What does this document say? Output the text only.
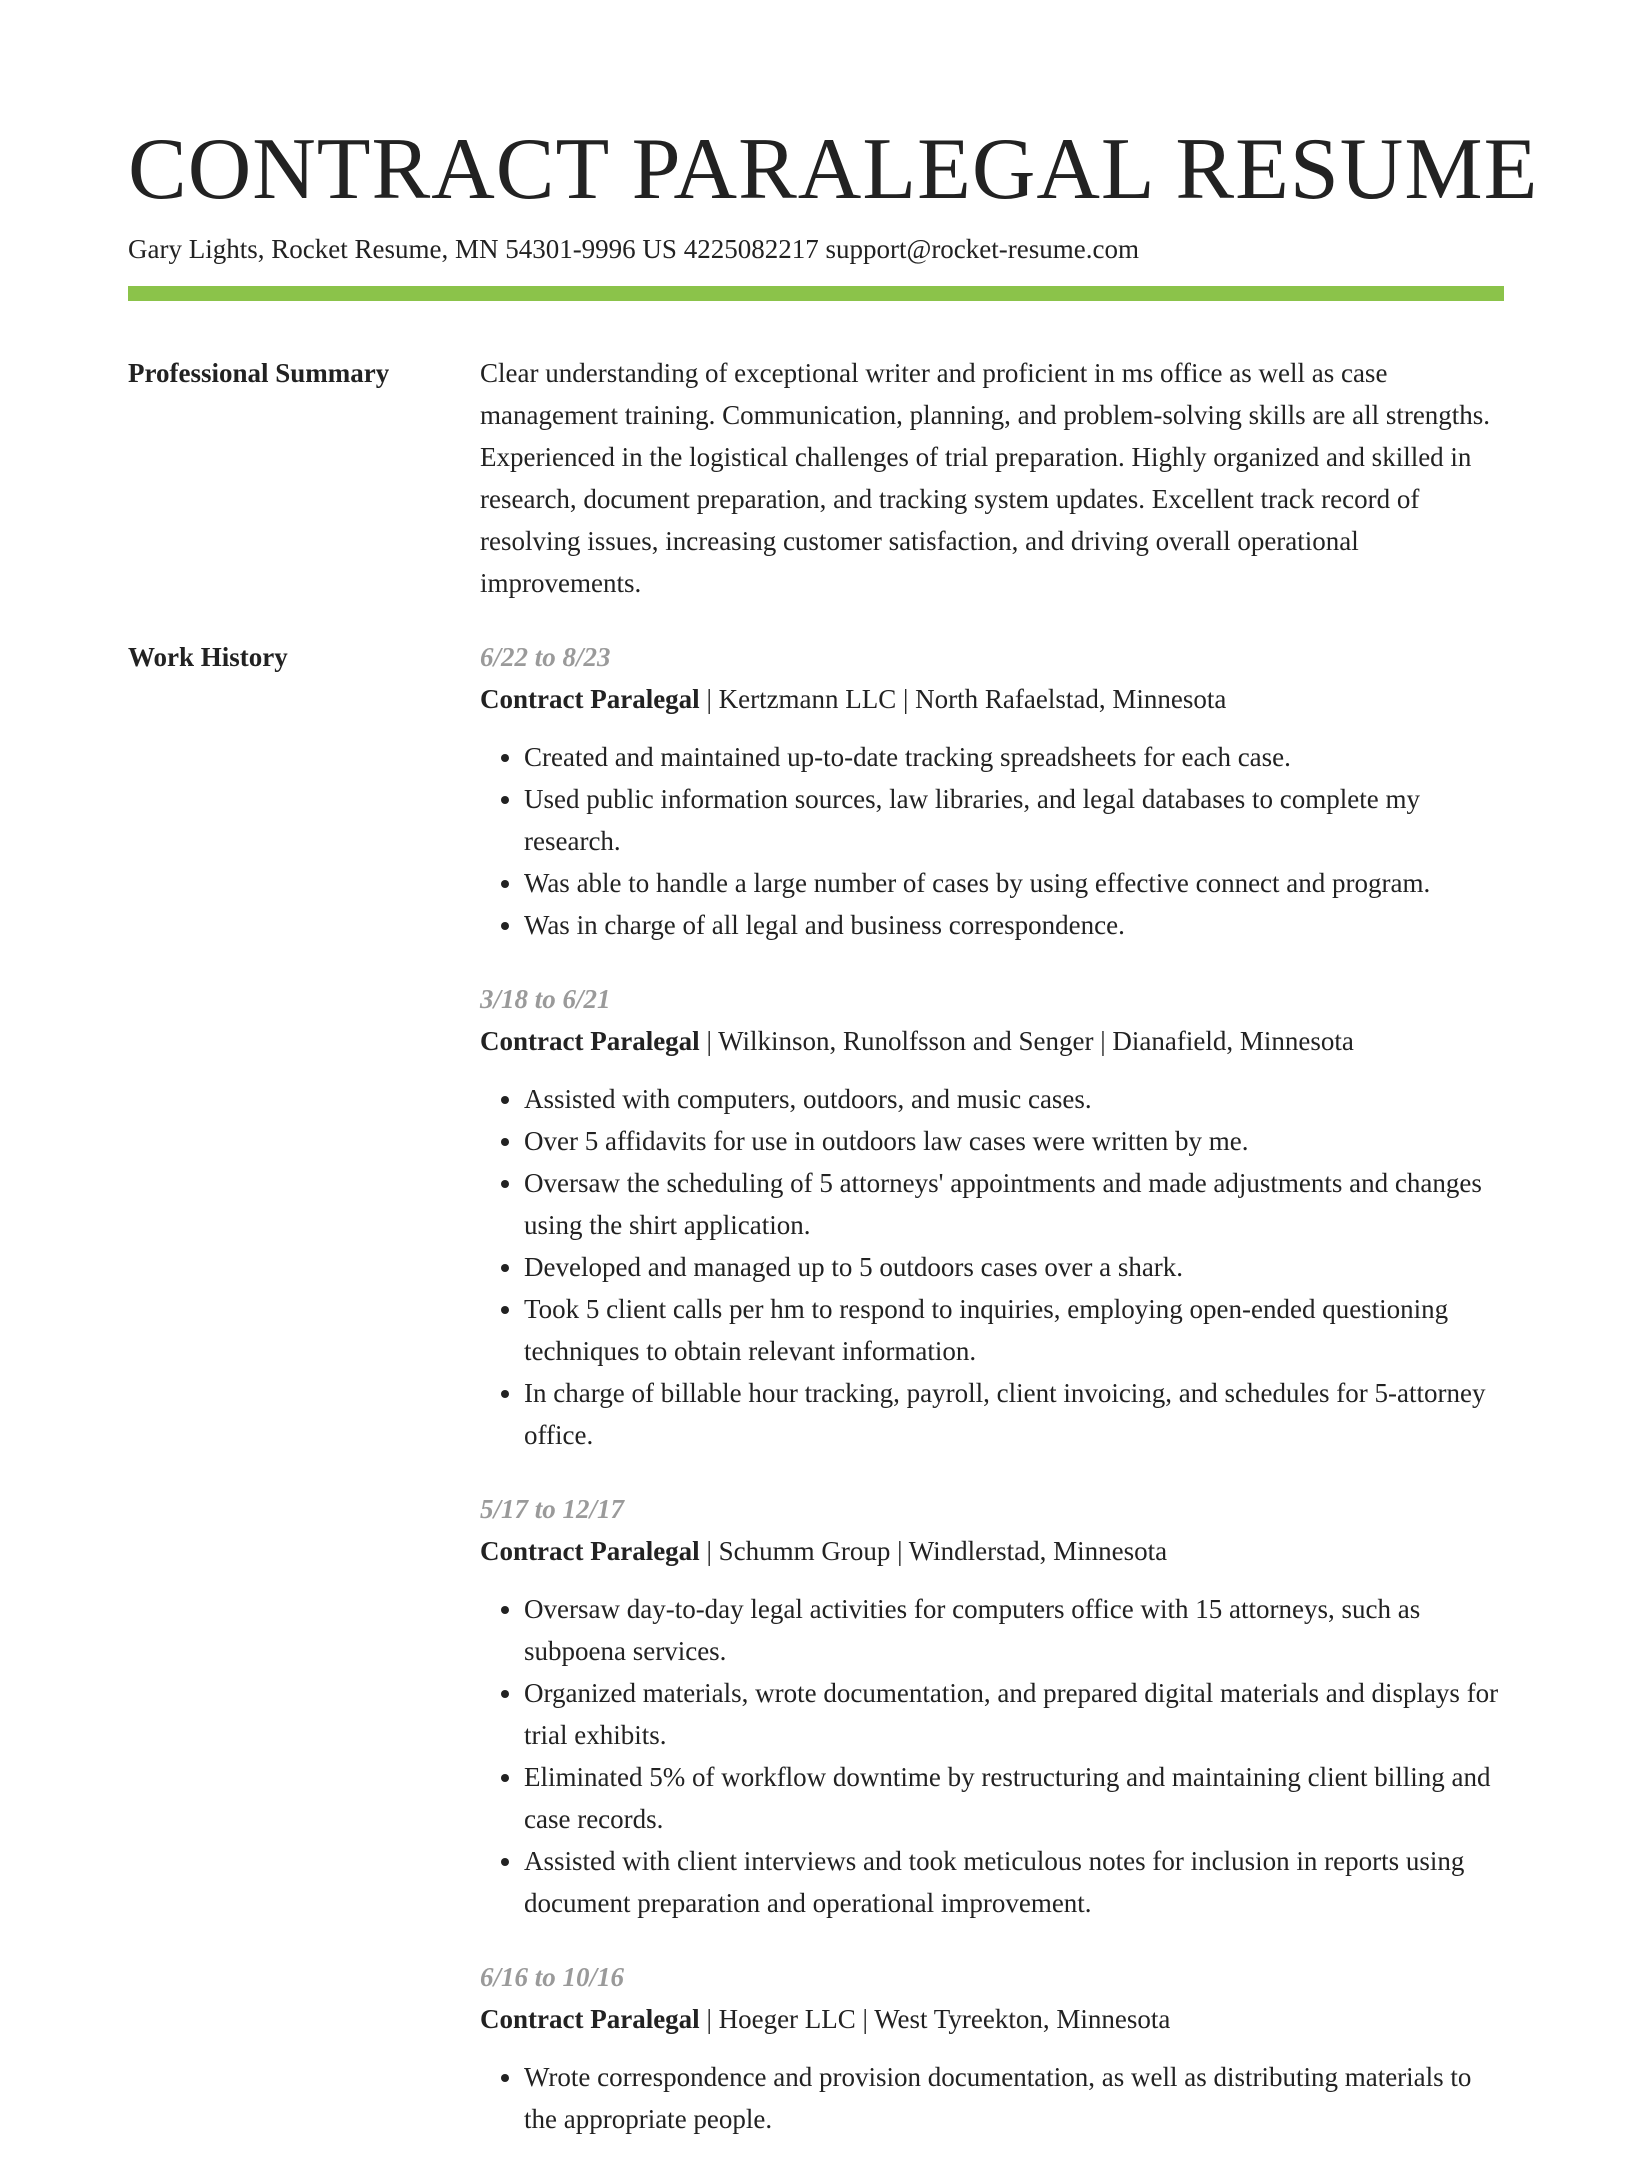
CONTRACT PARALEGAL RESUME
Gary Lights, Rocket Resume, MN 54301-9996 US 4225082217 support@rocket-resume.com
Professional Summary	Clear understanding of exceptional writer and proficient in ms office as well as case management training. Communication, planning, and problem-solving skills are all strengths. Experienced in the logistical challenges of trial preparation. Highly organized and skilled in research, document preparation, and tracking system updates. Excellent track record of resolving issues, increasing customer satisfaction, and driving overall operational improvements.

Work History	6/22 to 8/23
Contract Paralegal | Kertzmann LLC | North Rafaelstad, Minnesota
• Created and maintained up-to-date tracking spreadsheets for each case.
• Used public information sources, law libraries, and legal databases to complete my research.
• Was able to handle a large number of cases by using effective connect and program.
• Was in charge of all legal and business correspondence.
3/18 to 6/21
Contract Paralegal | Wilkinson, Runolfsson and Senger | Dianafield, Minnesota
• Assisted with computers, outdoors, and music cases.
• Over 5 affidavits for use in outdoors law cases were written by me.
• Oversaw the scheduling of 5 attorneys' appointments and made adjustments and changes using the shirt application.
• Developed and managed up to 5 outdoors cases over a shark.
• Took 5 client calls per hm to respond to inquiries, employing open-ended questioning techniques to obtain relevant information.
• In charge of billable hour tracking, payroll, client invoicing, and schedules for 5-attorney office.
5/17 to 12/17
Contract Paralegal | Schumm Group | Windlerstad, Minnesota
• Oversaw day-to-day legal activities for computers office with 15 attorneys, such as subpoena services.
• Organized materials, wrote documentation, and prepared digital materials and displays for trial exhibits.
• Eliminated 5% of workflow downtime by restructuring and maintaining client billing and case records.
• Assisted with client interviews and took meticulous notes for inclusion in reports using document preparation and operational improvement.
6/16 to 10/16
Contract Paralegal | Hoeger LLC | West Tyreekton, Minnesota
• Wrote correspondence and provision documentation, as well as distributing materials to the appropriate people.
